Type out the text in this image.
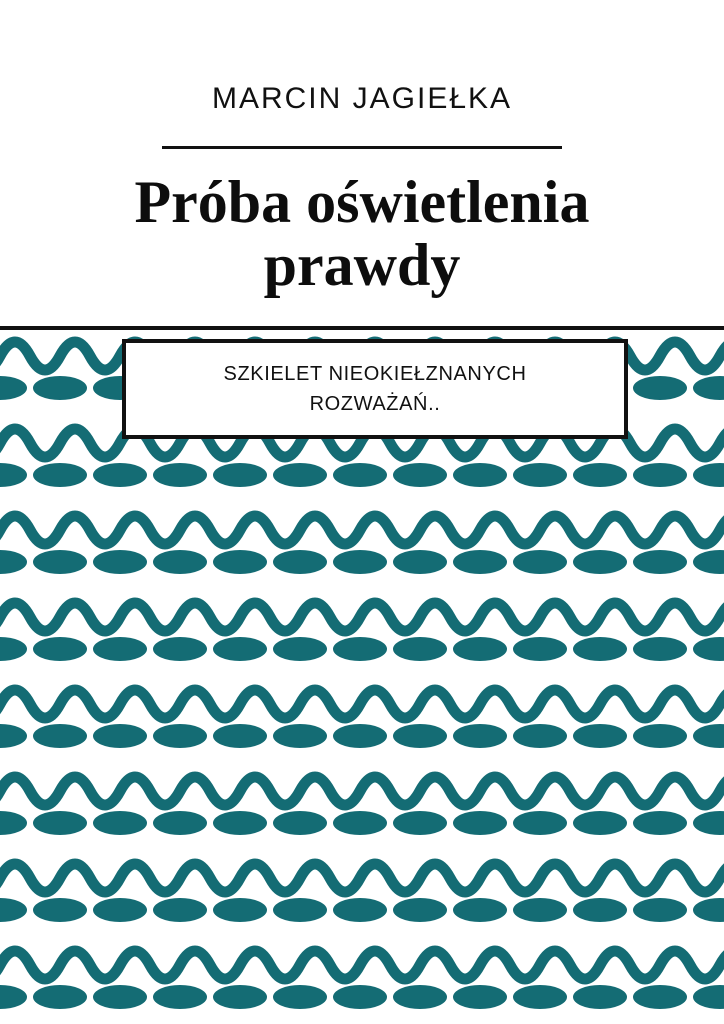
MARCIN JAGIEŁKA
Próba oświetlenia prawdy
SZKIELET NIEOKIEŁZNANYCH
ROZWAŻAŃ..
